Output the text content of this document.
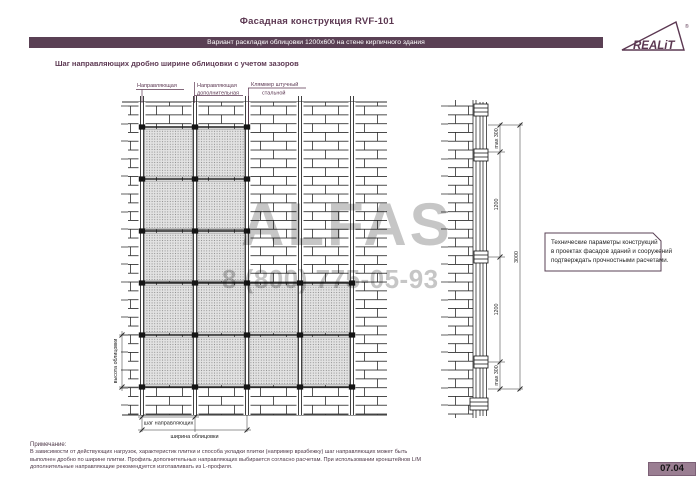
Фасадная конструкция RVF-101
Вариант раскладки облицовки 1200х600 на стене кирпичного здания
Шаг направляющих дробно ширине облицовки с учетом зазоров
Направляющая	Направляющая
дополнительная
Кляммер штучный
стальной
высота облицовки
шаг направляющих
ширина облицовки
max 300
1200
1200
max 300
3000
Технические параметры конструкций
в проектах фасадов зданий и сооружений
подтверждать прочностными расчетами.
REALiT
®
ALFAS
8 (800) 775-05-93
Примечание:
В зависимости от действующих нагрузок, характеристик плитки и способа укладки плитки (например вразбежку) шаг направляющих может быть
выполнен дробно по ширине плитки. Профиль дополнительных направляющих выбирается согласно расчетам. При использовании кронштейнов L/M
дополнительные направляющие рекомендуется изготавливать из L-профиля.	07.04
